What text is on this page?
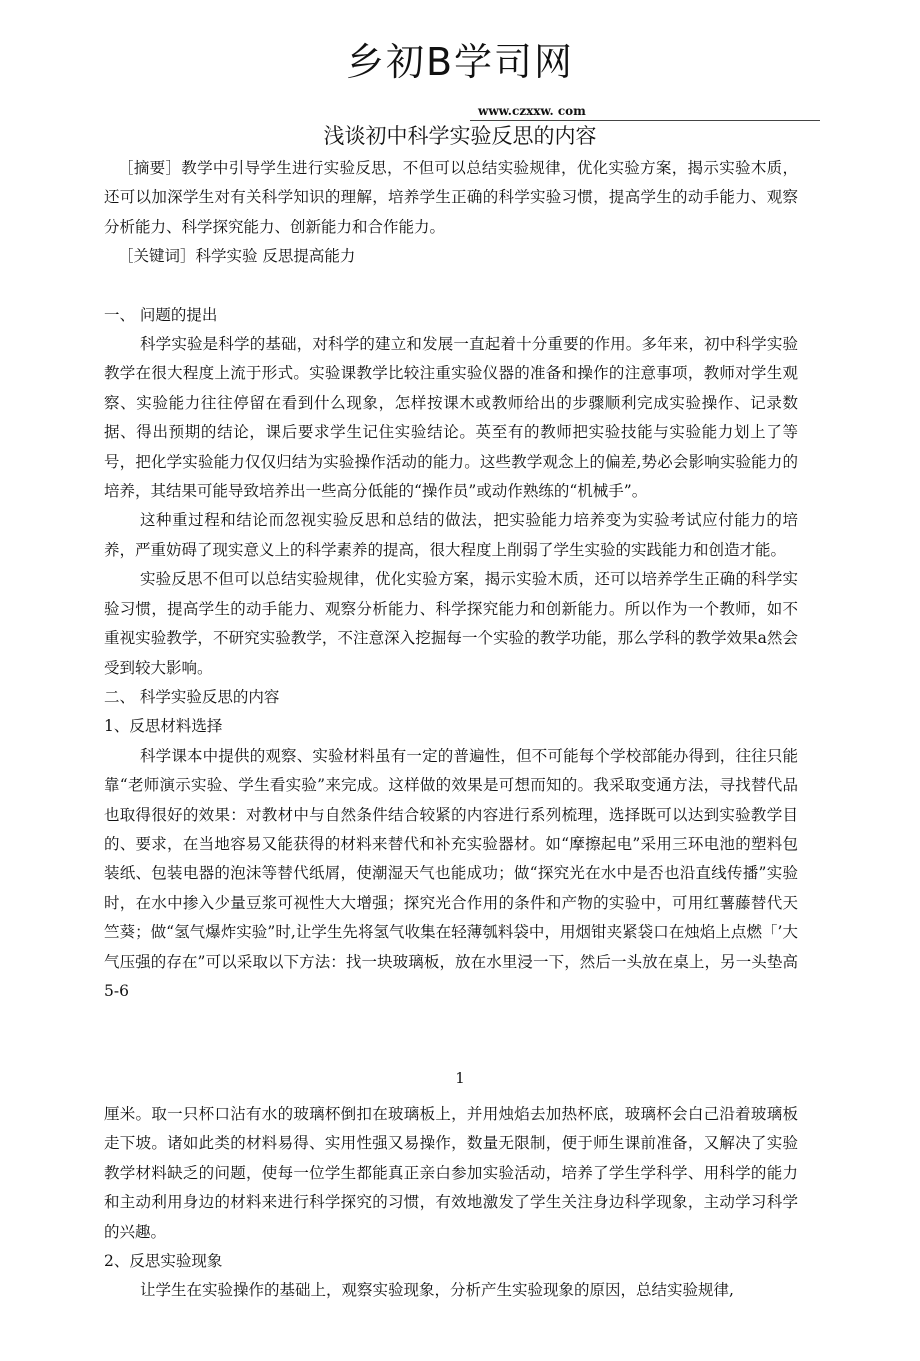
乡初B学司网
www.czxxw. com
浅谈初中科学实验反思的内容

［摘要］教学中引导学生进行实验反思，不但可以总结实验规律，优化实验方案，揭示实验木质，还可以加深学生对有关科学知识的理解，培养学生正确的科学实验习惯，提高学生的动手能力、观察分析能力、科学探究能力、创新能力和合作能力。

［关键词］科学实验 反思提高能力

一、 问题的提出

科学实验是科学的基础，对科学的建立和发展一直起着十分重要的作用。多年来，初中科学实验教学在很大程度上流于形式。实验课教学比较注重实验仪器的准备和操作的注意事项，教师对学生观察、实验能力往往停留在看到什么现象，怎样按课木或教师给出的步骤顺利完成实验操作、记录数据、得出预期的结论，课后要求学生记住实验结论。英至有的教师把实验技能与实验能力划上了等号，把化学实验能力仅仅归结为实验操作活动的能力。这些教学观念上的偏差,势必会影响实验能力的培养，其结果可能导致培养出一些高分低能的“操作员”或动作熟练的“机械手”。

这种重过程和结论而忽视实验反思和总结的做法，把实验能力培养变为实验考试应付能力的培养，严重妨碍了现实意义上的科学素养的提高，很大程度上削弱了学生实验的实践能力和创造才能。

实验反思不但可以总结实验规律，优化实验方案，揭示实验木质，还可以培养学生正确的科学实验习惯，提高学生的动手能力、观察分析能力、科学探究能力和创新能力。所以作为一个教师，如不重视实验教学，不研究实验教学，不注意深入挖掘每一个实验的教学功能，那么学科的教学效果a然会受到较大影响。

二、 科学实验反思的内容

1、反思材料选择

科学课本中提供的观察、实验材料虽有一定的普遍性，但不可能每个学校部能办得到，往往只能靠“老师演示实验、学生看实验”来完成。这样做的效果是可想而知的。我采取变通方法，寻找替代品也取得很好的效果：对教材中与自然条件结合较紧的内容进行系列梳理，选择既可以达到实验教学目的、要求，在当地容易又能获得的材料来替代和补充实验器材。如“摩擦起电”采用三环电池的塑料包装纸、包装电器的泡沫等替代纸屑，使潮湿天气也能成功；做“探究光在水中是否也沿直线传播”实验时，在水中掺入少量豆浆可视性大大增强；探究光合作用的条件和产物的实验中，可用红薯藤替代天竺葵；做“氢气爆炸实验”时,让学生先将氢气收集在轻薄瓠料袋中，用烟钳夹紧袋口在烛焰上点燃「’大气压强的存在”可以采取以下方法：找一块玻璃板，放在水里浸一下，然后一头放在桌上，另一头垫高5-6

1

厘米。取一只杯口沾有水的玻璃杯倒扣在玻璃板上，并用烛焰去加热杯底，玻璃杯会白己沿着玻璃板走下坡。诸如此类的材料易得、实用性强又易操作，数量无限制，便于师生课前准备，又解决了实验教学材料缺乏的问题，使每一位学生都能真正亲白参加实验活动，培养了学生学科学、用科学的能力和主动利用身边的材料来进行科学探究的习惯，有效地激发了学生关注身边科学现象，主动学习科学的兴趣。

2、反思实验现象

让学生在实验操作的基础上，观察实验现象，分析产生实验现象的原因，总结实验规律,
